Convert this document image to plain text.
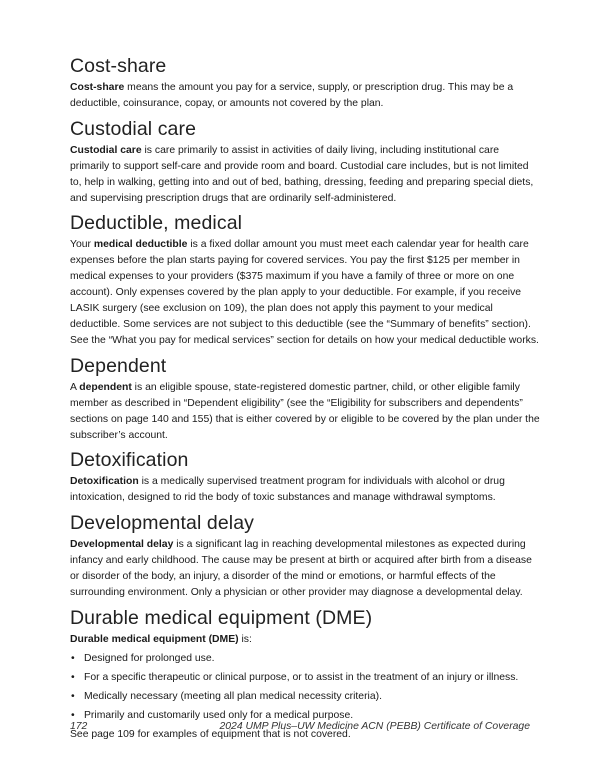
Cost-share

Cost-share means the amount you pay for a service, supply, or prescription drug. This may be a deductible, coinsurance, copay, or amounts not covered by the plan.

Custodial care

Custodial care is care primarily to assist in activities of daily living, including institutional care primarily to support self-care and provide room and board. Custodial care includes, but is not limited to, help in walking, getting into and out of bed, bathing, dressing, feeding and preparing special diets, and supervising prescription drugs that are ordinarily self-administered.

Deductible, medical

Your medical deductible is a fixed dollar amount you must meet each calendar year for health care expenses before the plan starts paying for covered services. You pay the first $125 per member in medical expenses to your providers ($375 maximum if you have a family of three or more on one account). Only expenses covered by the plan apply to your deductible. For example, if you receive LASIK surgery (see exclusion on 109), the plan does not apply this payment to your medical deductible. Some services are not subject to this deductible (see the “Summary of benefits” section). See the “What you pay for medical services” section for details on how your medical deductible works.

Dependent

A dependent is an eligible spouse, state-registered domestic partner, child, or other eligible family member as described in “Dependent eligibility” (see the “Eligibility for subscribers and dependents” sections on page 140 and 155) that is either covered by or eligible to be covered by the plan under the subscriber’s account.

Detoxification

Detoxification is a medically supervised treatment program for individuals with alcohol or drug intoxication, designed to rid the body of toxic substances and manage withdrawal symptoms.

Developmental delay

Developmental delay is a significant lag in reaching developmental milestones as expected during infancy and early childhood. The cause may be present at birth or acquired after birth from a disease or disorder of the body, an injury, a disorder of the mind or emotions, or harmful effects of the surrounding environment. Only a physician or other provider may diagnose a developmental delay.

Durable medical equipment (DME)

Durable medical equipment (DME) is:

• Designed for prolonged use.
• For a specific therapeutic or clinical purpose, or to assist in the treatment of an injury or illness.
• Medically necessary (meeting all plan medical necessity criteria).
• Primarily and customarily used only for a medical purpose.

See page 109 for examples of equipment that is not covered.

172	2024 UMP Plus–UW Medicine ACN (PEBB) Certificate of Coverage
